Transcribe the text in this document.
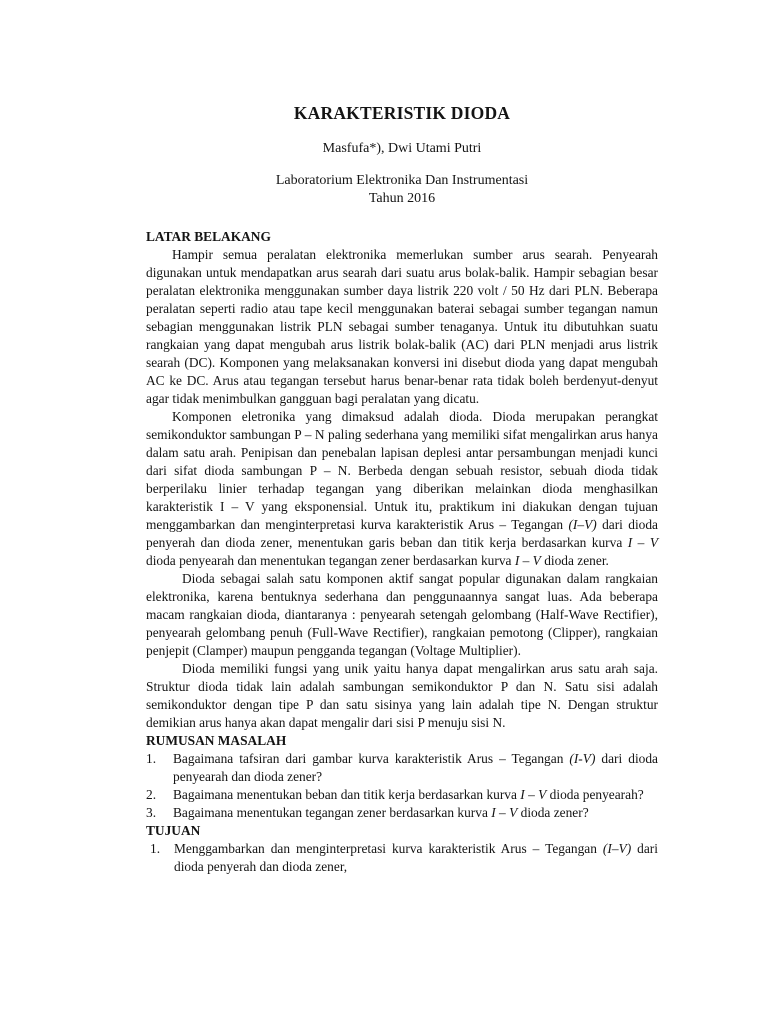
KARAKTERISTIK DIODA
Masfufa*), Dwi Utami Putri
Laboratorium Elektronika Dan Instrumentasi
Tahun 2016
LATAR BELAKANG

Hampir semua peralatan elektronika memerlukan sumber arus searah. Penyearah digunakan untuk mendapatkan arus searah dari suatu arus bolak-balik. Hampir sebagian besar peralatan elektronika menggunakan sumber daya listrik 220 volt / 50 Hz dari PLN. Beberapa peralatan seperti radio atau tape kecil menggunakan baterai sebagai sumber tegangan namun sebagian menggunakan listrik PLN sebagai sumber tenaganya. Untuk itu dibutuhkan suatu rangkaian yang dapat mengubah arus listrik bolak-balik (AC) dari PLN menjadi arus listrik searah (DC). Komponen yang melaksanakan konversi ini disebut dioda yang dapat mengubah AC ke DC. Arus atau tegangan tersebut harus benar-benar rata tidak boleh berdenyut-denyut agar tidak menimbulkan gangguan bagi peralatan yang dicatu.

Komponen eletronika yang dimaksud adalah dioda. Dioda merupakan perangkat semikonduktor sambungan P – N paling sederhana yang memiliki sifat mengalirkan arus hanya dalam satu arah. Penipisan dan penebalan lapisan deplesi antar persambungan menjadi kunci dari sifat dioda sambungan P – N. Berbeda dengan sebuah resistor, sebuah dioda tidak berperilaku linier terhadap tegangan yang diberikan melainkan dioda menghasilkan karakteristik I – V yang eksponensial. Untuk itu, praktikum ini diakukan dengan tujuan menggambarkan dan menginterpretasi kurva karakteristik Arus – Tegangan (I–V) dari dioda penyerah dan dioda zener, menentukan garis beban dan titik kerja berdasarkan kurva I – V dioda penyearah dan menentukan tegangan zener berdasarkan kurva I – V dioda zener.

Dioda sebagai salah satu komponen aktif sangat popular digunakan dalam rangkaian elektronika, karena bentuknya sederhana dan penggunaannya sangat luas. Ada beberapa macam rangkaian dioda, diantaranya : penyearah setengah gelombang (Half-Wave Rectifier), penyearah gelombang penuh (Full-Wave Rectifier), rangkaian pemotong (Clipper), rangkaian penjepit (Clamper) maupun pengganda tegangan (Voltage Multiplier).

Dioda memiliki fungsi yang unik yaitu hanya dapat mengalirkan arus satu arah saja. Struktur dioda tidak lain adalah sambungan semikonduktor P dan N. Satu sisi adalah semikonduktor dengan tipe P dan satu sisinya yang lain adalah tipe N. Dengan struktur demikian arus hanya akan dapat mengalir dari sisi P menuju sisi N.

RUMUSAN MASALAH
1. Bagaimana tafsiran dari gambar kurva karakteristik Arus – Tegangan (I-V) dari dioda penyearah dan dioda zener?
2. Bagaimana menentukan beban dan titik kerja berdasarkan kurva I – V dioda penyearah?
3. Bagaimana menentukan tegangan zener berdasarkan kurva I – V dioda zener?
TUJUAN
1. Menggambarkan dan menginterpretasi kurva karakteristik Arus – Tegangan (I–V) dari dioda penyerah dan dioda zener,
